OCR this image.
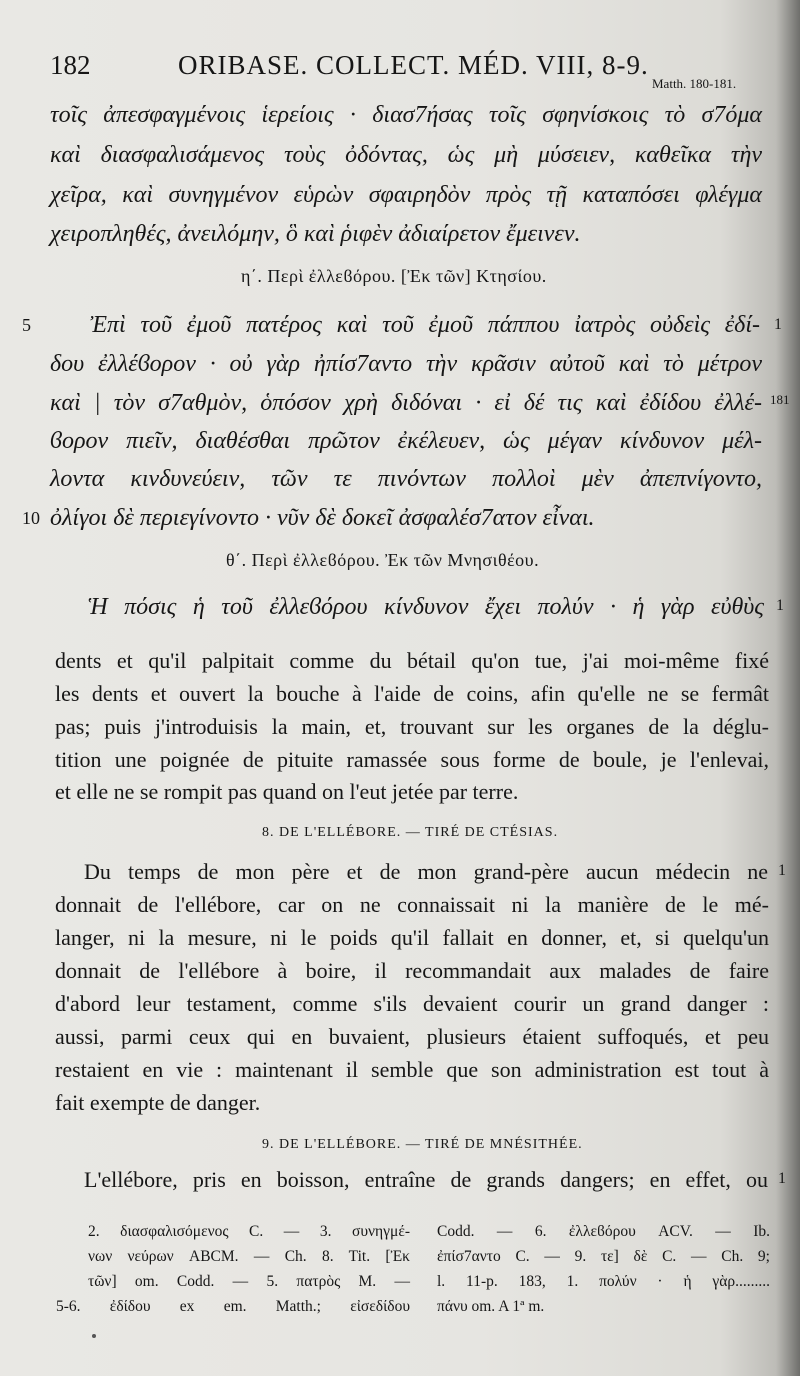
182	ORIBASE. COLLECT. MÉD. VIII, 8-9.
Matth. 180-181.
τοῖς ἀπεσφαγμένοις ἱερείοις · διασ7ήσας τοῖς σφηνίσκοις τὸ σ7όμα
καὶ διασφαλισάμενος τοὺς ὀδόντας, ὡς μὴ μύσειεν, καθεῖκα τὴν
χεῖρα, καὶ συνηγμένον εὑρὼν σφαιρηδὸν πρὸς τῇ καταπόσει φλέγμα
χειροπληθές, ἀνειλόμην, ὃ καὶ ῥιφὲν ἀδιαίρετον ἔμεινεν.
η΄. Περὶ ἐλλεϐόρου. [Ἐκ τῶν] Κτησίου.
Ἐπὶ τοῦ ἐμοῦ πατέρος καὶ τοῦ ἐμοῦ πάππου ἰατρὸς οὐδεὶς ἐδί-
δου ἐλλέϐορον · οὐ γὰρ ἠπίσ7αντο τὴν κρᾶσιν αὐτοῦ καὶ τὸ μέτρον
καὶ | τὸν σ7αθμὸν, ὁπόσον χρὴ διδόναι · εἰ δέ τις καὶ ἐδίδου ἐλλέ-
ϐορον πιεῖν, διαθέσθαι πρῶτον ἐκέλευεν, ὡς μέγαν κίνδυνον μέλ-
λοντα κινδυνεύειν, τῶν τε πινόντων πολλοὶ μὲν ἀπεπνίγοντο,
ὀλίγοι δὲ περιεγίνοντο · νῦν δὲ δοκεῖ ἀσφαλέσ7ατον εἶναι.
θ΄. Περὶ ἐλλεϐόρου. Ἐκ τῶν Μνησιθέου.
Ἡ πόσις ἡ τοῦ ἐλλεϐόρου κίνδυνον ἔχει πολύν · ἡ γὰρ εὐθὺς
5
10
1
181
1
dents et qu'il palpitait comme du bétail qu'on tue, j'ai moi-même fixé
les dents et ouvert la bouche à l'aide de coins, afin qu'elle ne se fermât
pas; puis j'introduisis la main, et, trouvant sur les organes de la déglu-
tition une poignée de pituite ramassée sous forme de boule, je l'enlevai,
et elle ne se rompit pas quand on l'eut jetée par terre.
8. DE L'ELLÉBORE. — TIRÉ DE CTÉSIAS.
Du temps de mon père et de mon grand-père aucun médecin ne
donnait de l'ellébore, car on ne connaissait ni la manière de le mé-
langer, ni la mesure, ni le poids qu'il fallait en donner, et, si quelqu'un
donnait de l'ellébore à boire, il recommandait aux malades de faire
d'abord leur testament, comme s'ils devaient courir un grand danger :
aussi, parmi ceux qui en buvaient, plusieurs étaient suffoqués, et peu
restaient en vie : maintenant il semble que son administration est tout à
fait exempte de danger.
9. DE L'ELLÉBORE. — TIRÉ DE MNÉSITHÉE.
L'ellébore, pris en boisson, entraîne de grands dangers; en effet, ou
1
1
2. διασφαλισόμενος C. — 3. συνηγμέ-
νων νεύρων ABCM. — Ch. 8. Tit. [Ἐκ
τῶν] om. Codd. — 5. πατρὸς M. —
5-6. ἐδίδου ex em. Matth.; εἰσεδίδου
Codd. — 6. ἐλλεϐόρου ACV. — Ib.
ἐπίσ7αντο C. — 9. τε] δὲ C. — Ch. 9;
l. 11-p. 183, 1. πολύν · ἡ γὰρ.........
πάνυ om. A 1ª m.
